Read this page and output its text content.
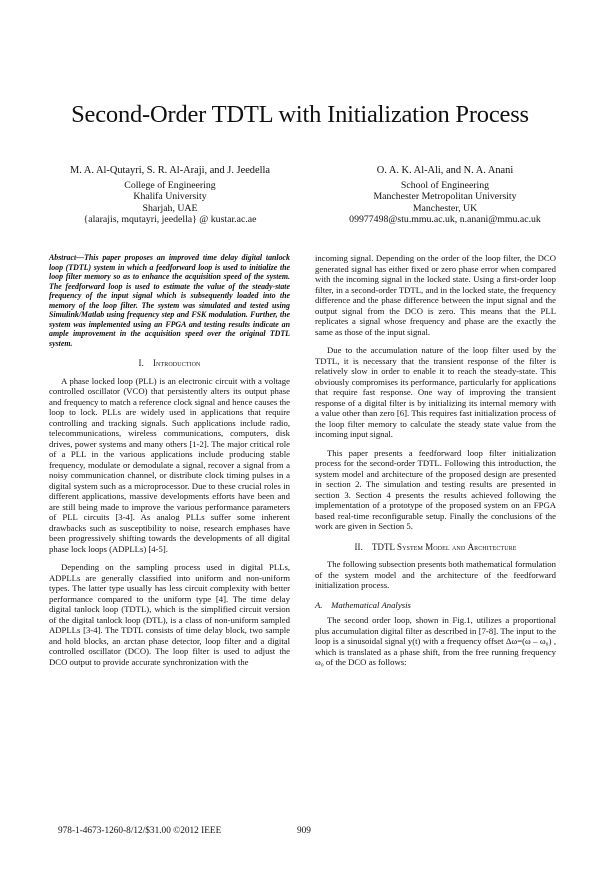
Second-Order TDTL with Initialization Process
M. A. Al-Qutayri, S. R. Al-Araji, and J. Jeedella
College of Engineering
Khalifa University
Sharjah, UAE
{alarajis, mqutayri, jeedella} @ kustar.ac.ae
O. A. K. Al-Ali, and N. A. Anani
School of Engineering
Manchester Metropolitan University
Manchester, UK
09977498@stu.mmu.ac.uk, n.anani@mmu.ac.uk

Abstract—This paper proposes an improved time delay digital tanlock loop (TDTL) system in which a feedforward loop is used to initialize the loop filter memory so as to enhance the acquisition speed of the system. The feedforward loop is used to estimate the value of the steady-state frequency of the input signal which is subsequently loaded into the memory of the loop filter. The system was simulated and tested using Simulink/Matlab using frequency step and FSK modulation. Further, the system was implemented using an FPGA and testing results indicate an ample improvement in the acquisition speed over the original TDTL system.

I.   Introduction

A phase locked loop (PLL) is an electronic circuit with a voltage controlled oscillator (VCO) that persistently alters its output phase and frequency to match a reference clock signal and hence causes the loop to lock. PLLs are widely used in applications that require controlling and tracking signals. Such applications include radio, telecommunications, wireless communications, computers, disk drives, power systems and many others [1-2]. The major critical role of a PLL in the various applications include producing stable frequency, modulate or demodulate a signal, recover a signal from a noisy communication channel, or distribute clock timing pulses in a digital system such as a microprocessor. Due to these crucial roles in different applications, massive developments efforts have been and are still being made to improve the various performance parameters of PLL circuits [3-4]. As analog PLLs suffer some inherent drawbacks such as susceptibility to noise, research emphases have been progressively shifting towards the developments of all digital phase lock loops (ADPLLs) [4-5].

Depending on the sampling process used in digital PLLs, ADPLLs are generally classified into uniform and non-uniform types. The latter type usually has less circuit complexity with better performance compared to the uniform type [4]. The time delay digital tanlock loop (TDTL), which is the simplified circuit version of the digital tanlock loop (DTL), is a class of non-uniform sampled ADPLLs [3-4]. The TDTL consists of time delay block, two sample and hold blocks, an arctan phase detector, loop filter and a digital controlled oscillator (DCO). The loop filter is used to adjust the DCO output to provide accurate synchronization with the

incoming signal. Depending on the order of the loop filter, the DCO generated signal has either fixed or zero phase error when compared with the incoming signal in the locked state. Using a first-order loop filter, in a second-order TDTL, and in the locked state, the frequency difference and the phase difference between the input signal and the output signal from the DCO is zero. This means that the PLL replicates a signal whose frequency and phase are the exactly the same as those of the input signal.

Due to the accumulation nature of the loop filter used by the TDTL, it is necessary that the transient response of the filter is relatively slow in order to enable it to reach the steady-state. This obviously compromises its performance, particularly for applications that require fast response. One way of improving the transient response of a digital filter is by initializing its internal memory with a value other than zero [6]. This requires fast initialization process of the loop filter memory to calculate the steady state value from the incoming input signal.

This paper presents a feedforward loop filter initialization process for the second-order TDTL. Following this introduction, the system model and architecture of the proposed design are presented in section 2. The simulation and testing results are presented in section 3. Section 4 presents the results achieved following the implementation of a prototype of the proposed system on an FPGA based real-time reconfigurable setup. Finally the conclusions of the work are given in Section 5.

II.   TDTL System Model and Architecture

The following subsection presents both mathematical formulation of the system model and the architecture of the feedforward initialization process.

A.   Mathematical Analysis

The second order loop, shown in Fig.1, utilizes a proportional plus accumulation digital filter as described in [7-8]. The input to the loop is a sinusoidal signal y(t) with a frequency offset Δω=(ω – ω₀) , which is translated as a phase shift, from the free running frequency ω₀ of the DCO as follows:

978-1-4673-1260-8/12/$31.00 ©2012 IEEE	909
